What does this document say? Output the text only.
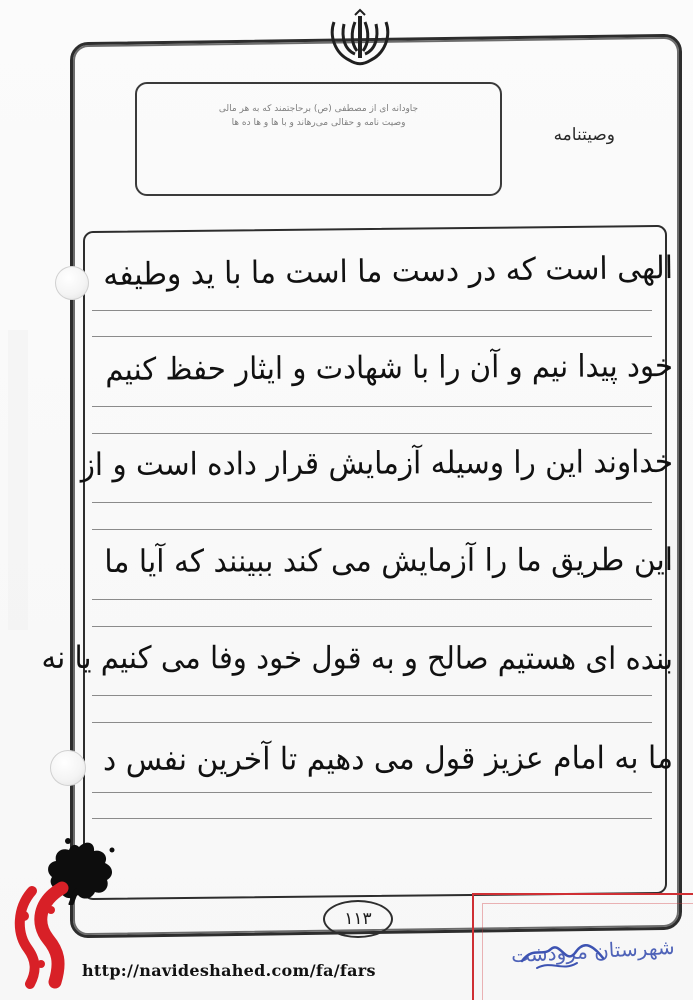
جاودانه ای از مصطفی (ص) برحاجتمند که به هر مالی
وصیت نامه و حقالی می‌رهاند و با ها و ها ده ها
وصیتنامه
الهی است که در دست ما است ما با ید وطیفه
خود پیدا نیم و آن را با شهادت و ایثار حفظ کنیم
خداوند این را وسیله آزمایش قرار داده است و از
این طریق ما را آزمایش می کند ببینند که آیا ما
بنده ای هستیم صالح و به قول خود وفا می کنیم یا نه
ما به امام عزیز قول می دهیم تا آخرین نفس د
۱۱۳
شهرستان مرودشت
http://navideshahed.com/fa/fars
